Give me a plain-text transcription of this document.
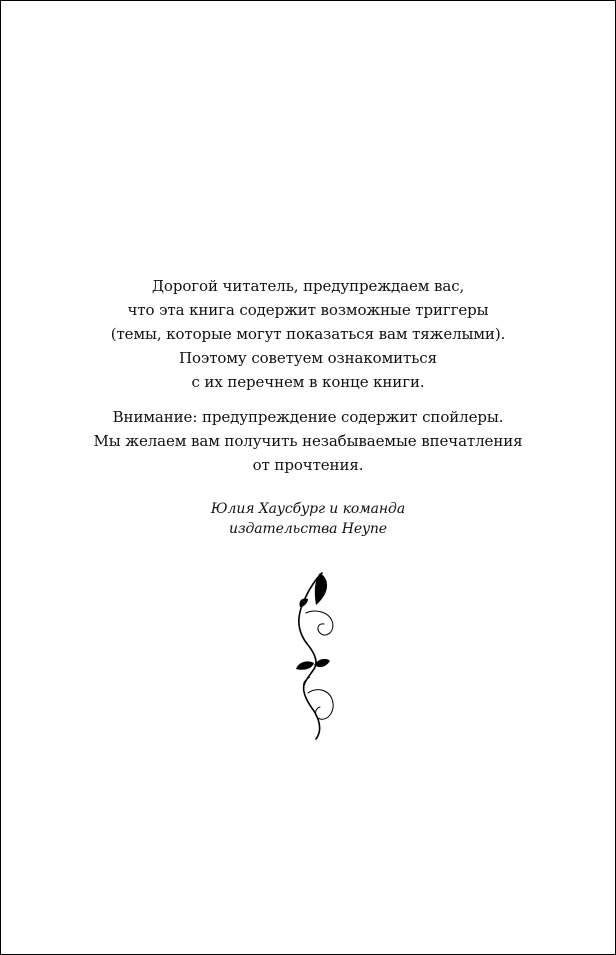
Дорогой читатель, предупреждаем вас,
что эта книга содержит возможные триггеры
(темы, которые могут показаться вам тяжелыми).
Поэтому советуем ознакомиться
с их перечнем в конце книги.
Внимание: предупреждение содержит спойлеры.
Мы желаем вам получить незабываемые впечатления
от прочтения.
Юлия Хаусбург и команда
издательства Heyne
